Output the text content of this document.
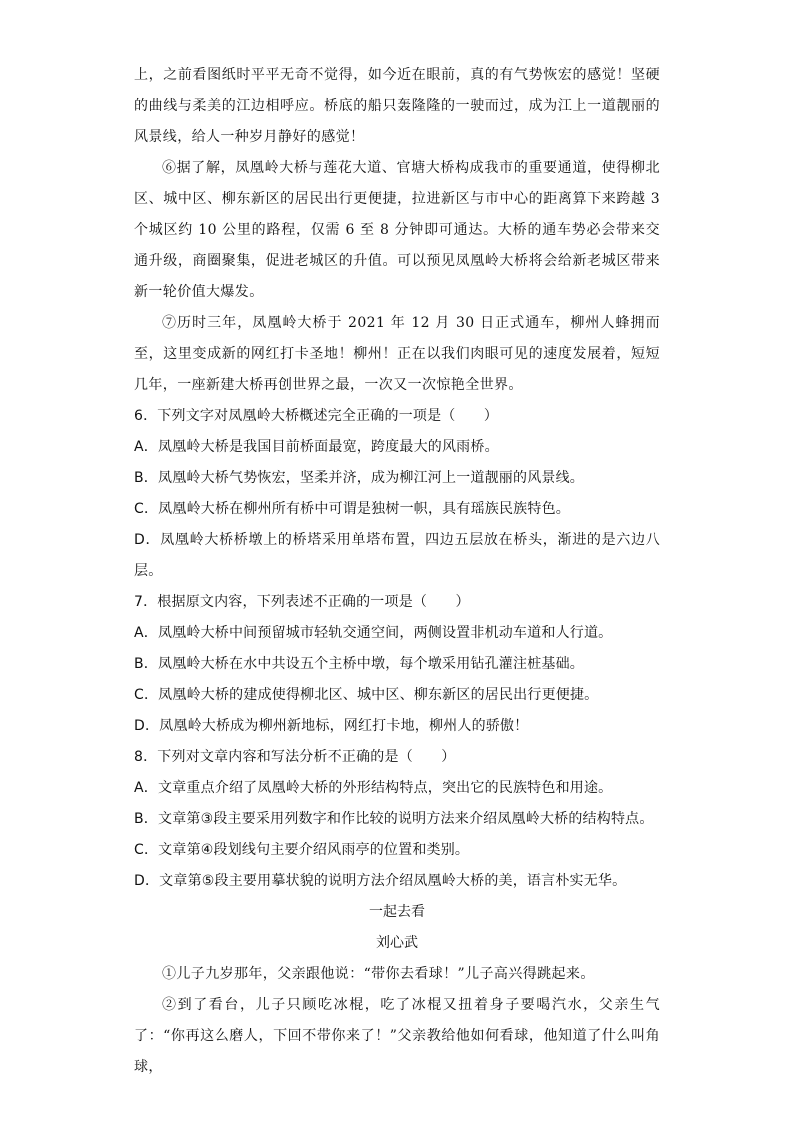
上，之前看图纸时平平无奇不觉得，如今近在眼前，真的有气势恢宏的感觉！坚硬的曲线与柔美的江边相呼应。桥底的船只轰隆隆的一驶而过，成为江上一道靓丽的风景线，给人一种岁月静好的感觉！

⑥据了解，凤凰岭大桥与莲花大道、官塘大桥构成我市的重要通道，使得柳北区、城中区、柳东新区的居民出行更便捷，拉进新区与市中心的距离算下来跨越 3 个城区约 10 公里的路程，仅需 6 至 8 分钟即可通达。大桥的通车势必会带来交通升级，商圈聚集，促进老城区的升值。可以预见凤凰岭大桥将会给新老城区带来新一轮价值大爆发。

⑦历时三年，凤凰岭大桥于 2021 年 12 月 30 日正式通车，柳州人蜂拥而至，这里变成新的网红打卡圣地！柳州！正在以我们肉眼可见的速度发展着，短短几年，一座新建大桥再创世界之最，一次又一次惊艳全世界。

6．下列文字对凤凰岭大桥概述完全正确的一项是（　　）

A．凤凰岭大桥是我国目前桥面最宽，跨度最大的风雨桥。

B．凤凰岭大桥气势恢宏，坚柔并济，成为柳江河上一道靓丽的风景线。

C．凤凰岭大桥在柳州所有桥中可谓是独树一帜，具有瑶族民族特色。

D．凤凰岭大桥桥墩上的桥塔采用单塔布置，四边五层放在桥头，渐进的是六边八层。

7．根据原文内容，下列表述不正确的一项是（　　）

A．凤凰岭大桥中间预留城市轻轨交通空间，两侧设置非机动车道和人行道。

B．凤凰岭大桥在水中共设五个主桥中墩，每个墩采用钻孔灌注桩基础。

C．凤凰岭大桥的建成使得柳北区、城中区、柳东新区的居民出行更便捷。

D．凤凰岭大桥成为柳州新地标，网红打卡地，柳州人的骄傲！

8．下列对文章内容和写法分析不正确的是（　　）

A．文章重点介绍了凤凰岭大桥的外形结构特点，突出它的民族特色和用途。

B．文章第③段主要采用列数字和作比较的说明方法来介绍凤凰岭大桥的结构特点。

C．文章第④段划线句主要介绍风雨亭的位置和类别。

D．文章第⑤段主要用摹状貌的说明方法介绍凤凰岭大桥的美，语言朴实无华。

一起去看

刘心武

①儿子九岁那年，父亲跟他说：“带你去看球！”儿子高兴得跳起来。

②到了看台，儿子只顾吃冰棍，吃了冰棍又扭着身子要喝汽水，父亲生气了：“你再这么磨人，下回不带你来了！”父亲教给他如何看球，他知道了什么叫角球，
